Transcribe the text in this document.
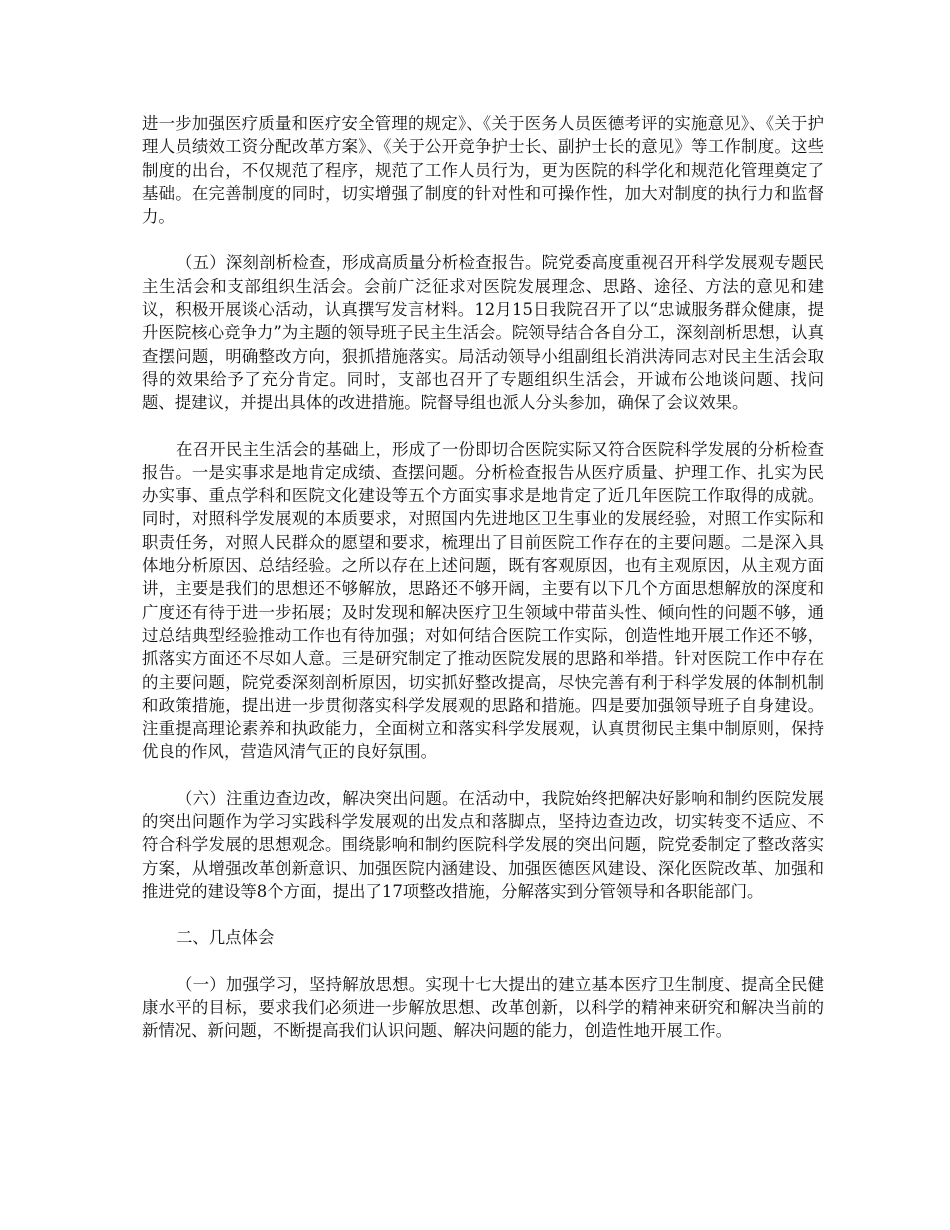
进一步加强医疗质量和医疗安全管理的规定》、《关于医务人员医德考评的实施意见》、《关于护理人员绩效工资分配改革方案》、《关于公开竞争护士长、副护士长的意见》等工作制度。这些制度的出台，不仅规范了程序，规范了工作人员行为，更为医院的科学化和规范化管理奠定了基础。在完善制度的同时，切实增强了制度的针对性和可操作性，加大对制度的执行力和监督力。

（五）深刻剖析检查，形成高质量分析检查报告。院党委高度重视召开科学发展观专题民主生活会和支部组织生活会。会前广泛征求对医院发展理念、思路、途径、方法的意见和建议，积极开展谈心活动，认真撰写发言材料。12月15日我院召开了以“忠诚服务群众健康，提升医院核心竞争力”为主题的领导班子民主生活会。院领导结合各自分工，深刻剖析思想，认真查摆问题，明确整改方向，狠抓措施落实。局活动领导小组副组长消洪涛同志对民主生活会取得的效果给予了充分肯定。同时，支部也召开了专题组织生活会，开诚布公地谈问题、找问题、提建议，并提出具体的改进措施。院督导组也派人分头参加，确保了会议效果。

在召开民主生活会的基础上，形成了一份即切合医院实际又符合医院科学发展的分析检查报告。一是实事求是地肯定成绩、查摆问题。分析检查报告从医疗质量、护理工作、扎实为民办实事、重点学科和医院文化建设等五个方面实事求是地肯定了近几年医院工作取得的成就。同时，对照科学发展观的本质要求，对照国内先进地区卫生事业的发展经验，对照工作实际和职责任务，对照人民群众的愿望和要求，梳理出了目前医院工作存在的主要问题。二是深入具体地分析原因、总结经验。之所以存在上述问题，既有客观原因，也有主观原因，从主观方面讲，主要是我们的思想还不够解放，思路还不够开阔，主要有以下几个方面思想解放的深度和广度还有待于进一步拓展；及时发现和解决医疗卫生领域中带苗头性、倾向性的问题不够，通过总结典型经验推动工作也有待加强；对如何结合医院工作实际，创造性地开展工作还不够，抓落实方面还不尽如人意。三是研究制定了推动医院发展的思路和举措。针对医院工作中存在的主要问题，院党委深刻剖析原因，切实抓好整改提高，尽快完善有利于科学发展的体制机制和政策措施，提出进一步贯彻落实科学发展观的思路和措施。四是要加强领导班子自身建设。注重提高理论素养和执政能力，全面树立和落实科学发展观，认真贯彻民主集中制原则，保持优良的作风，营造风清气正的良好氛围。

（六）注重边查边改，解决突出问题。在活动中，我院始终把解决好影响和制约医院发展的突出问题作为学习实践科学发展观的出发点和落脚点，坚持边查边改，切实转变不适应、不符合科学发展的思想观念。围绕影响和制约医院科学发展的突出问题，院党委制定了整改落实方案，从增强改革创新意识、加强医院内涵建设、加强医德医风建设、深化医院改革、加强和推进党的建设等8个方面，提出了17项整改措施，分解落实到分管领导和各职能部门。

二、几点体会

（一）加强学习，坚持解放思想。实现十七大提出的建立基本医疗卫生制度、提高全民健康水平的目标，要求我们必须进一步解放思想、改革创新，以科学的精神来研究和解决当前的新情况、新问题，不断提高我们认识问题、解决问题的能力，创造性地开展工作。
